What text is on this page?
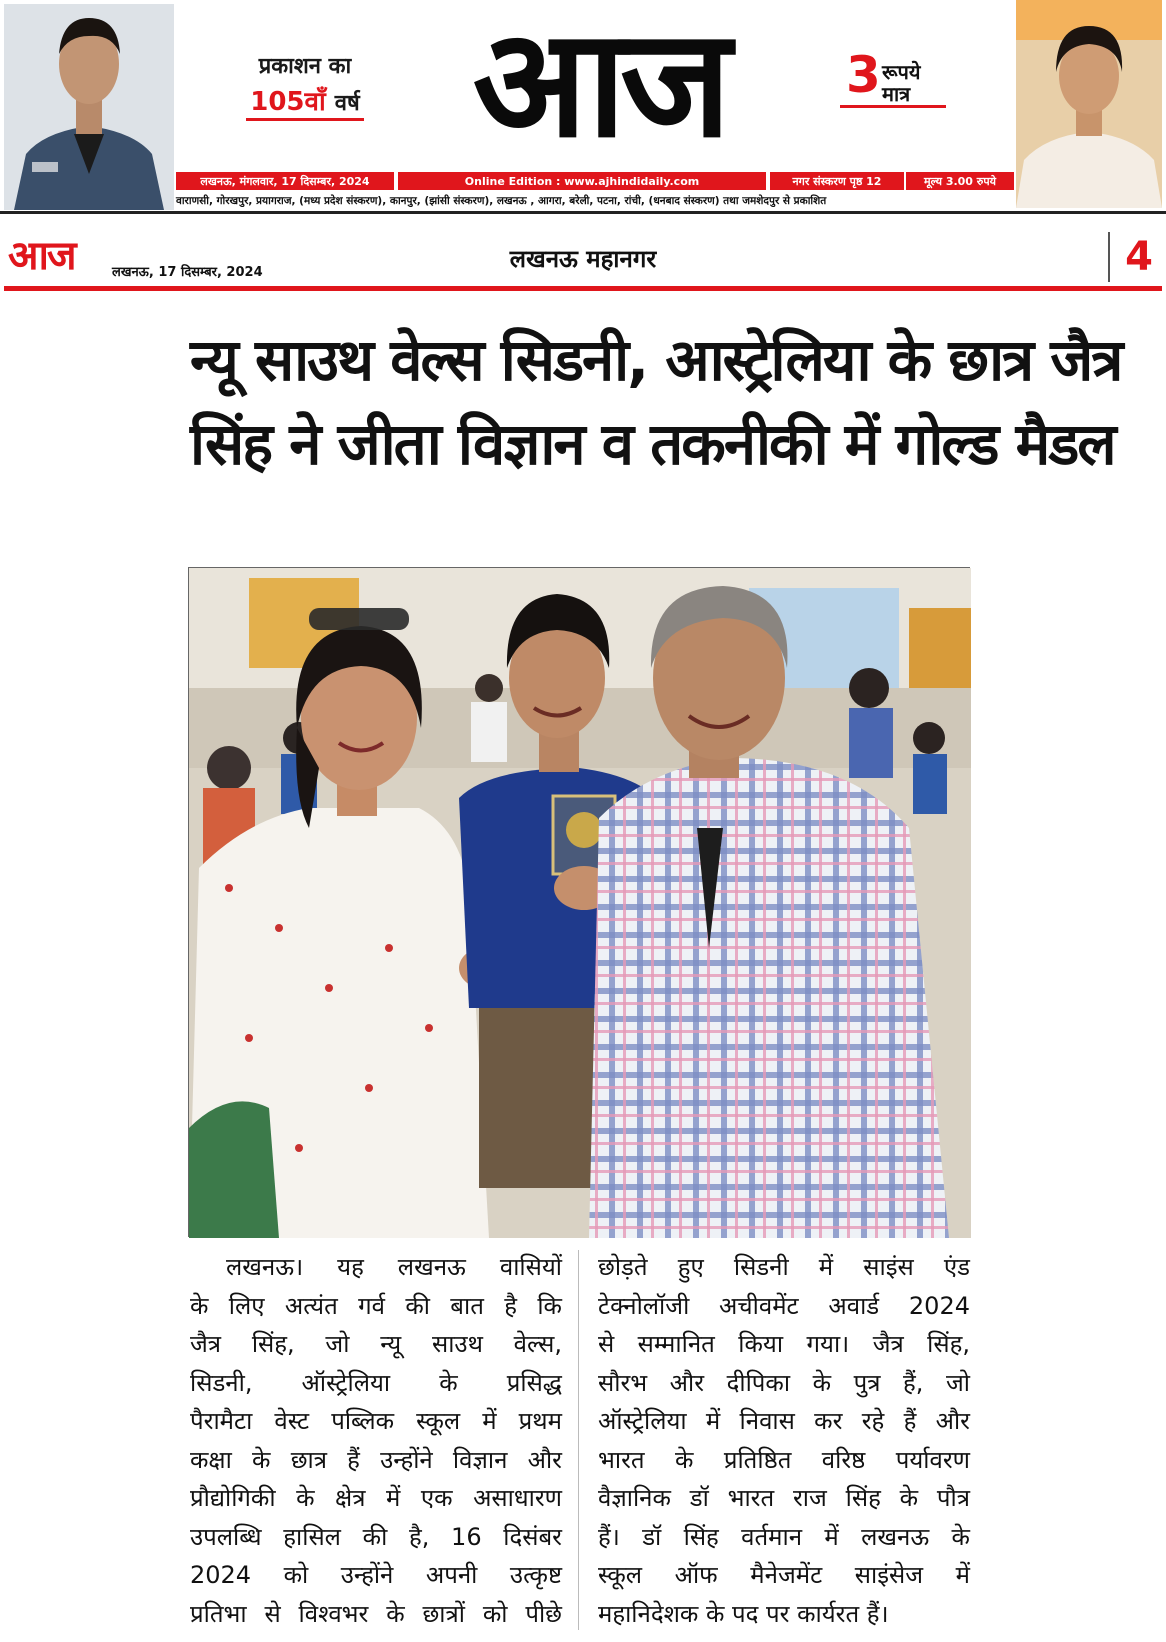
प्रकाशन का
105वाँ वर्ष आज	3 रूपये
मात्र
लखनऊ, मंगलवार, 17 दिसम्बर, 2024	Online Edition : www.ajhindidaily.com	नगर संस्करण पृष्ठ 12	मूल्य 3.00 रुपये
वाराणसी, गोरखपुर, प्रयागराज, (मध्य प्रदेश संस्करण), कानपुर, (झांसी संस्करण), लखनऊ , आगरा, बरेली, पटना, रांची, (धनबाद संस्करण) तथा जमशेदपुर से प्रकाशित
आज	लखनऊ, 17 दिसम्बर, 2024	लखनऊ महानगर	4
न्यू साउथ वेल्स सिडनी, आस्ट्रेलिया के छात्र जैत्र
सिंह ने जीता विज्ञान व तकनीकी में गोल्ड मैडल
लखनऊ। यह लखनऊ वासियों
के लिए अत्यंत गर्व की बात है कि
जैत्र सिंह, जो न्यू साउथ वेल्स,
सिडनी, ऑस्ट्रेलिया के प्रसिद्ध
पैरामैटा वेस्ट पब्लिक स्कूल में प्रथम
कक्षा के छात्र हैं उन्होंने विज्ञान और
प्रौद्योगिकी के क्षेत्र में एक असाधारण
उपलब्धि हासिल की है, 16 दिसंबर
2024 को उन्होंने अपनी उत्कृष्ट
प्रतिभा से विश्वभर के छात्रों को पीछे
छोड़ते हुए सिडनी में साइंस एंड
टेक्नोलॉजी अचीवमेंट अवार्ड 2024
से सम्मानित किया गया। जैत्र सिंह,
सौरभ और दीपिका के पुत्र हैं, जो
ऑस्ट्रेलिया में निवास कर रहे हैं और
भारत के प्रतिष्ठित वरिष्ठ पर्यावरण
वैज्ञानिक डॉ भारत राज सिंह के पौत्र
हैं। डॉ सिंह वर्तमान में लखनऊ के
स्कूल ऑफ मैनेजमेंट साइंसेज में
महानिदेशक के पद पर कार्यरत हैं।
